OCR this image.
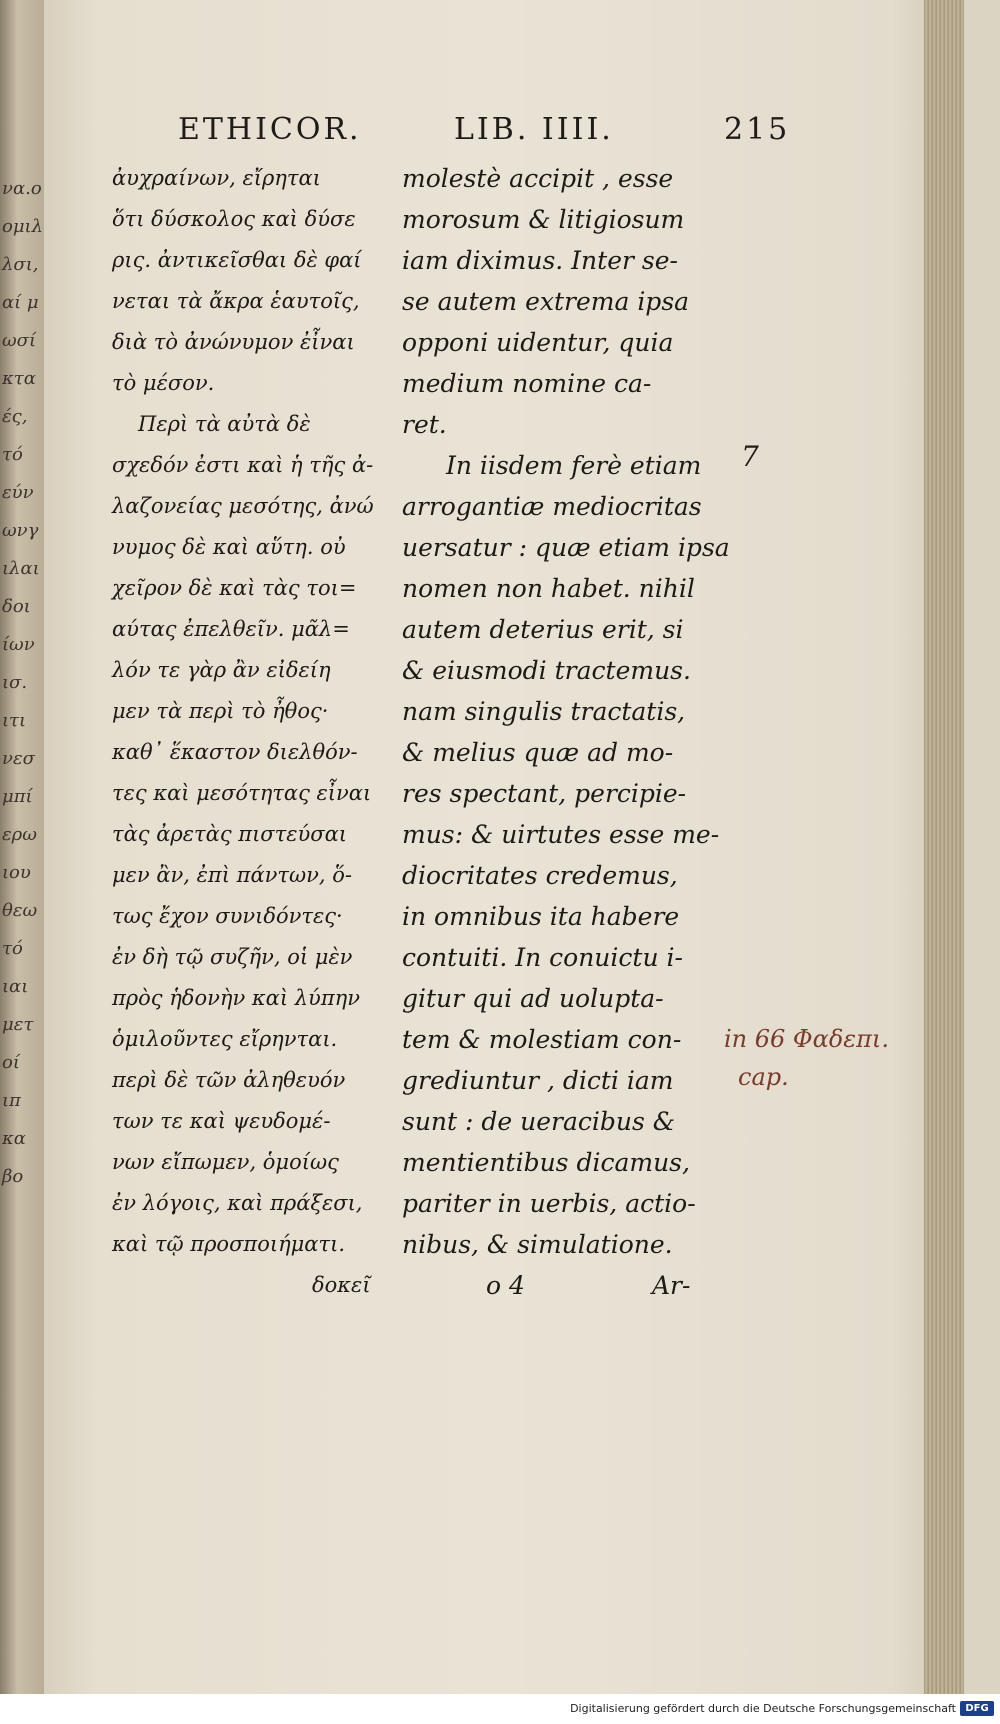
να.ο
ομιλ
λσι,
αί μ
ωσί
κτα
ές,
τό
εύν
ωνγ
ιλαι
δοι
ίων
ισ.
ιτι
νεσ
μπί
ερω
ιου
θεω
τό
ιαι
μετ
οί
ιπ
κα
βο
ETHICOR.	LIB. IIII.	215
ἀυχραίνων, εἴρηται
ὅτι δύσκολος καὶ δύσε
ρις. ἀντικεῖσθαι δὲ φαί
νεται τὰ ἄκρα ἑαυτοῖς,
διὰ τὸ ἀνώνυμον ἐἶναι
τὸ μέσον.
Περὶ τὰ αὐτὰ δὲ
σχεδόν ἐστι καὶ ἡ τῆς ἀ-
λαζονείας μεσότης, ἀνώ
νυμος δὲ καὶ αὕτη. οὐ
χεῖρον δὲ καὶ τὰς τοι=
αύτας ἐπελθεῖν. μᾶλ=
λόν τε γὰρ ἂν εἰδείη
μεν τὰ περὶ τὸ ἦθος·
καθ᾽ ἕκαστον διελθόν-
τες καὶ μεσότητας εἶναι
τὰς ἀρετὰς πιστεύσαι
μεν ἂν, ἐπὶ πάντων, ὅ-
τως ἔχον συνιδόντες·
ἐν δὴ τῷ συζῆν, οἱ μὲν
πρὸς ἡδονὴν καὶ λύπην
ὁμιλοῦντες εἴρηνται.
περὶ δὲ τῶν ἀληθευόν
των τε καὶ ψευδομέ-
νων εἴπωμεν, ὁμοίως
ἐν λόγοις, καὶ πράξεσι,
καὶ τῷ προσποιήματι.
molestè accipit , esse
morosum & litigiosum
iam diximus. Inter se-
se autem extrema ipsa
opponi uidentur, quia
medium nomine ca-
ret.
In iisdem ferè etiam
arrogantiæ mediocritas
uersatur : quæ etiam ipsa
nomen non habet. nihil
autem deterius erit, si
& eiusmodi tractemus.
nam singulis tractatis,
& melius quæ ad mo-
res spectant, percipie-
mus: & uirtutes esse me-
diocritates credemus,
in omnibus ita habere
contuiti. In conuictu i-
gitur qui ad uolupta-
tem & molestiam con-
grediuntur , dicti iam
sunt : de ueracibus &
mentientibus dicamus,
pariter in uerbis, actio-
nibus, & simulatione.
δοκεῖ	o 4	Ar-
7
in 66 Φαδεπι.
cap.
Digitalisierung gefördert durch die Deutsche Forschungsgemeinschaft DFG
